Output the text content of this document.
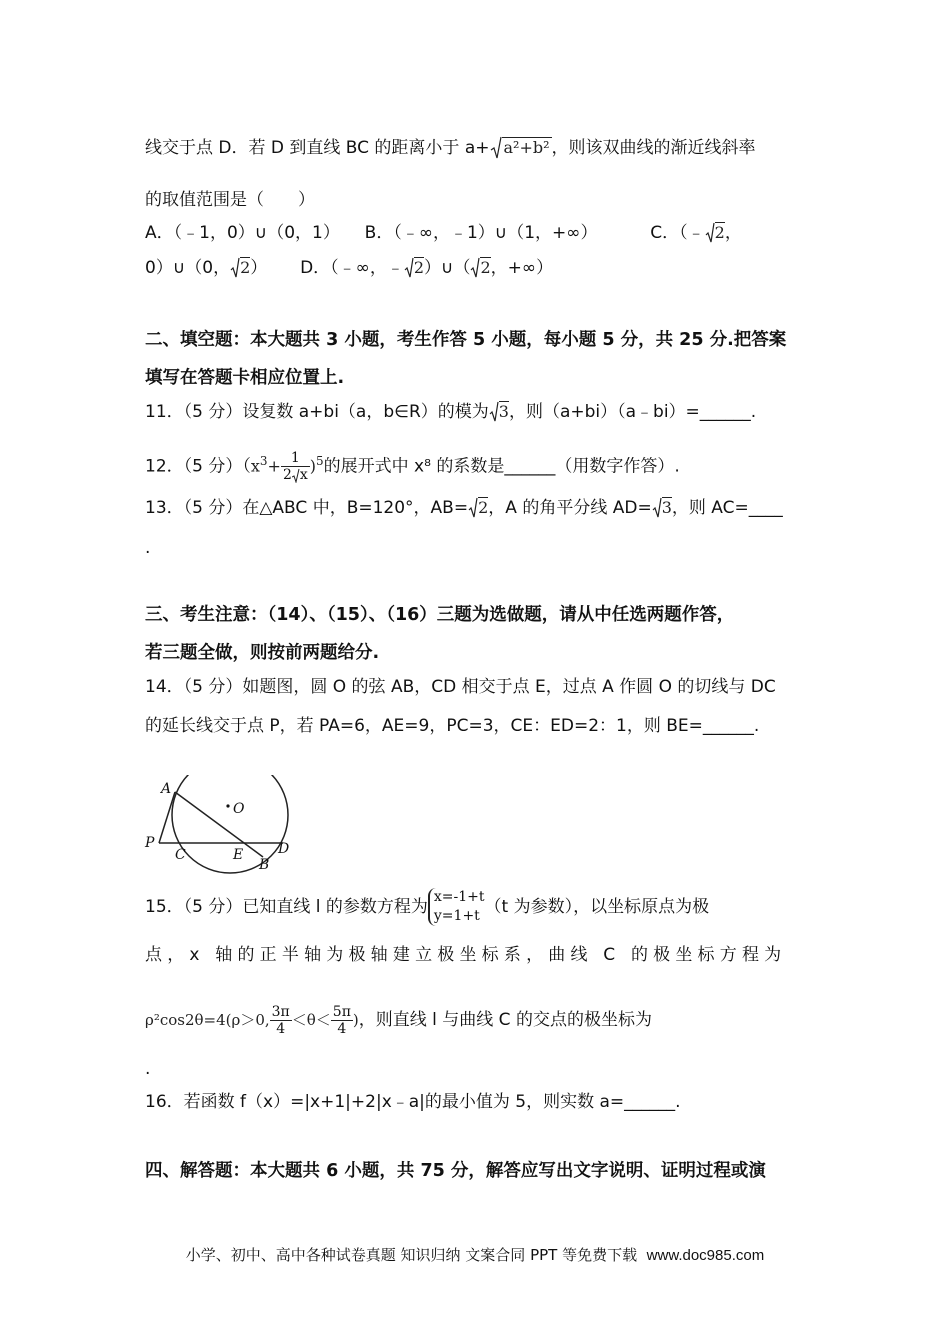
线交于点 D．若 D 到直线 BC 的距离小于 a+ a²+b² ，则该双曲线的渐近线斜率
的取值范围是（　　）
A．（﹣1，0）∪（0，1） B．（﹣∞，﹣1）∪（1，+∞）	C．（﹣ 2，
0）∪（0， 2） D．（﹣∞，﹣ 2）∪（ 2，+∞）
二、填空题：本大题共 3 小题，考生作答 5 小题，每小题 5 分，共 25 分.把答案
填写在答题卡相应位置上.
11．（5 分）设复数 a+bi（a，b∈R）的模为 3，则（a+bi）（a﹣bi）=______.
12．（5 分）$(x^3+ \frac{1}{2 x} )^5$的展开式中 x⁸ 的系数是______（用数字作答）.
13．（5 分）在△ABC 中，B=120°，AB= 2，A 的角平分线 AD= 3，则 AC=____
.
三、考生注意：（14）、（15）、（16）三题为选做题，请从中任选两题作答，
若三题全做，则按前两题给分.
14．（5 分）如题图，圆 O 的弦 AB，CD 相交于点 E，过点 A 作圆 O 的切线与 DC
的延长线交于点 P，若 PA=6，AE=9，PC=3，CE：ED=2：1，则 BE=______.
A
O
P
C	E
B
D
15．（5 分）已知直线 l 的参数方程为 x=-1+t
y=1+t （t 为参数），以坐标原点为极
点，x 轴的正半轴为极轴建立极坐标系，曲线 C 的极坐标方程为
ρ²cos2θ=4(ρ＞0, $\frac{3\pi}{4} <\theta< \frac{5\pi}{4}$ )，则直线 l 与曲线 C 的交点的极坐标为
.
16．若函数 f（x）=|x+1|+2|x﹣a|的最小值为 5，则实数 a=______.
四、解答题：本大题共 6 小题，共 75 分，解答应写出文字说明、证明过程或演
小学、初中、高中各种试卷真题 知识归纳 文案合同 PPT 等免费下载 www.doc985.com
